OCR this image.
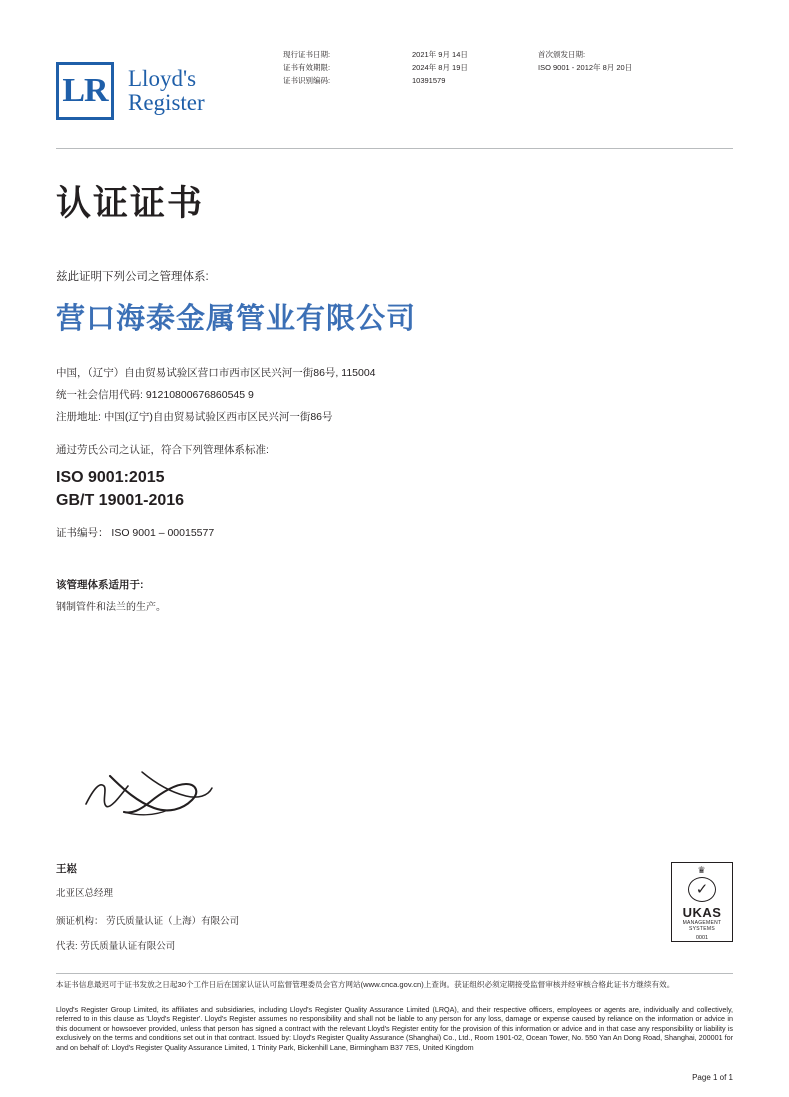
LR Lloyd's
Register
现行证书日期:
证书有效期限:
证书识别编码:
2021年 9月 14日
2024年 8月 19日
10391579
首次颁发日期:
ISO 9001 - 2012年 8月 20日
认证证书
兹此证明下列公司之管理体系:
营口海泰金属管业有限公司
中国，（辽宁）自由贸易试验区营口市西市区民兴河一街86号, 115004
统一社会信用代码: 91210800676860545 9
注册地址: 中国(辽宁)自由贸易试验区西市区民兴河一街86号
通过劳氏公司之认证，符合下列管理体系标准:
ISO 9001:2015
GB/T 19001-2016
证书编号： ISO 9001 – 00015577
该管理体系适用于:
钢制管件和法兰的生产。
王崧
北亚区总经理
颁证机构： 劳氏质量认证（上海）有限公司
代表: 劳氏质量认证有限公司
♛
✓
UKAS
MANAGEMENT
SYSTEMS
0001
本证书信息最迟可于证书发放之日起30个工作日后在国家认证认可监督管理委员会官方网站(www.cnca.gov.cn)上查询。获证组织必须定期接受监督审核并经审核合格此证书方继续有效。
Lloyd's Register Group Limited, its affiliates and subsidiaries, including Lloyd's Register Quality Assurance Limited (LRQA), and their respective officers, employees or agents are, individually and collectively, referred to in this clause as 'Lloyd's Register'. Lloyd's Register assumes no responsibility and shall not be liable to any person for any loss, damage or expense caused by reliance on the information or advice in this document or howsoever provided, unless that person has signed a contract with the relevant Lloyd's Register entity for the provision of this information or advice and in that case any responsibility or liability is exclusively on the terms and conditions set out in that contract. Issued by: Lloyd's Register Quality Assurance (Shanghai) Co., Ltd., Room 1901-02, Ocean Tower, No. 550 Yan An Dong Road, Shanghai, 200001 for and on behalf of: Lloyd's Register Quality Assurance Limited, 1 Trinity Park, Bickenhill Lane, Birmingham B37 7ES, United Kingdom
Page 1 of 1
